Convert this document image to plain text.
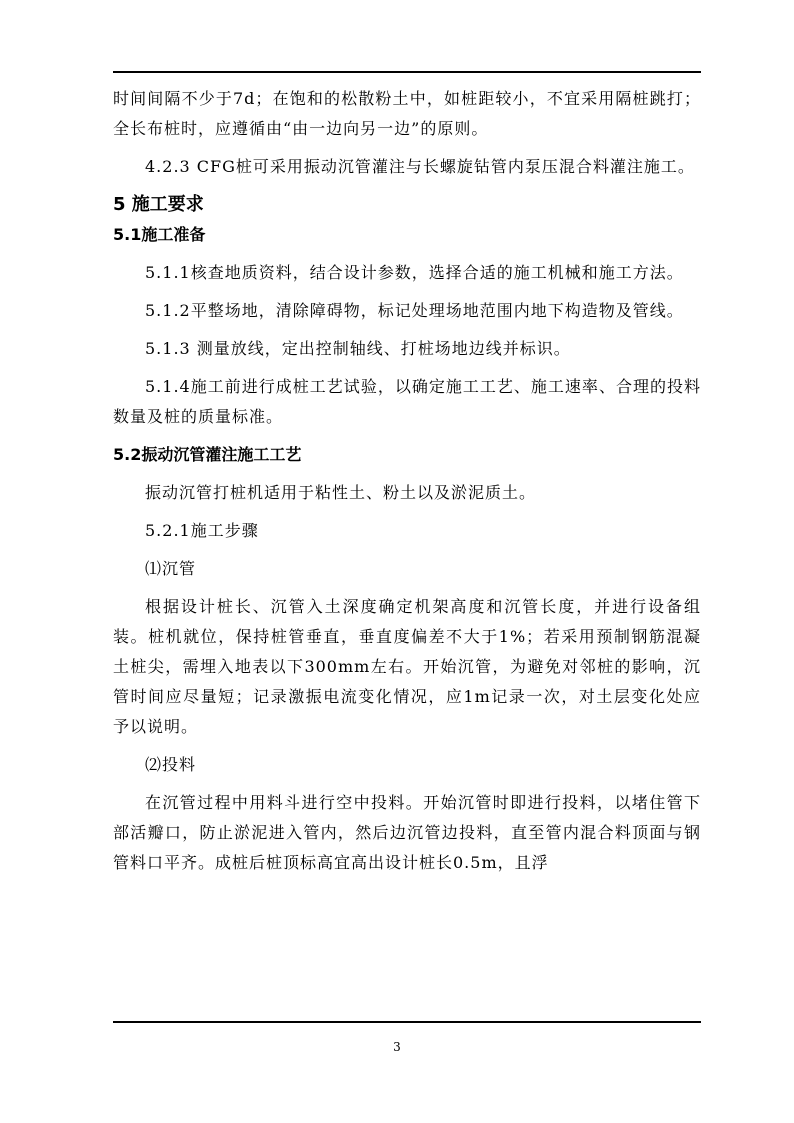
时间间隔不少于7d；在饱和的松散粉土中，如桩距较小，不宜采用隔桩跳打；全长布桩时，应遵循由“由一边向另一边”的原则。

4.2.3 CFG桩可采用振动沉管灌注与长螺旋钻管内泵压混合料灌注施工。

5 施工要求

5.1施工准备

5.1.1核查地质资料，结合设计参数，选择合适的施工机械和施工方法。

5.1.2平整场地，清除障碍物，标记处理场地范围内地下构造物及管线。

5.1.3 测量放线，定出控制轴线、打桩场地边线并标识。

5.1.4施工前进行成桩工艺试验，以确定施工工艺、施工速率、合理的投料数量及桩的质量标准。

5.2振动沉管灌注施工工艺

振动沉管打桩机适用于粘性土、粉土以及淤泥质土。

5.2.1施工步骤

⑴沉管

根据设计桩长、沉管入土深度确定机架高度和沉管长度，并进行设备组装。桩机就位，保持桩管垂直，垂直度偏差不大于1%；若采用预制钢筋混凝土桩尖，需埋入地表以下300mm左右。开始沉管，为避免对邻桩的影响，沉管时间应尽量短；记录激振电流变化情况，应1m记录一次，对土层变化处应予以说明。

⑵投料

在沉管过程中用料斗进行空中投料。开始沉管时即进行投料，以堵住管下部活瓣口，防止淤泥进入管内，然后边沉管边投料，直至管内混合料顶面与钢管料口平齐。成桩后桩顶标高宜高出设计桩长0.5m，且浮

3
